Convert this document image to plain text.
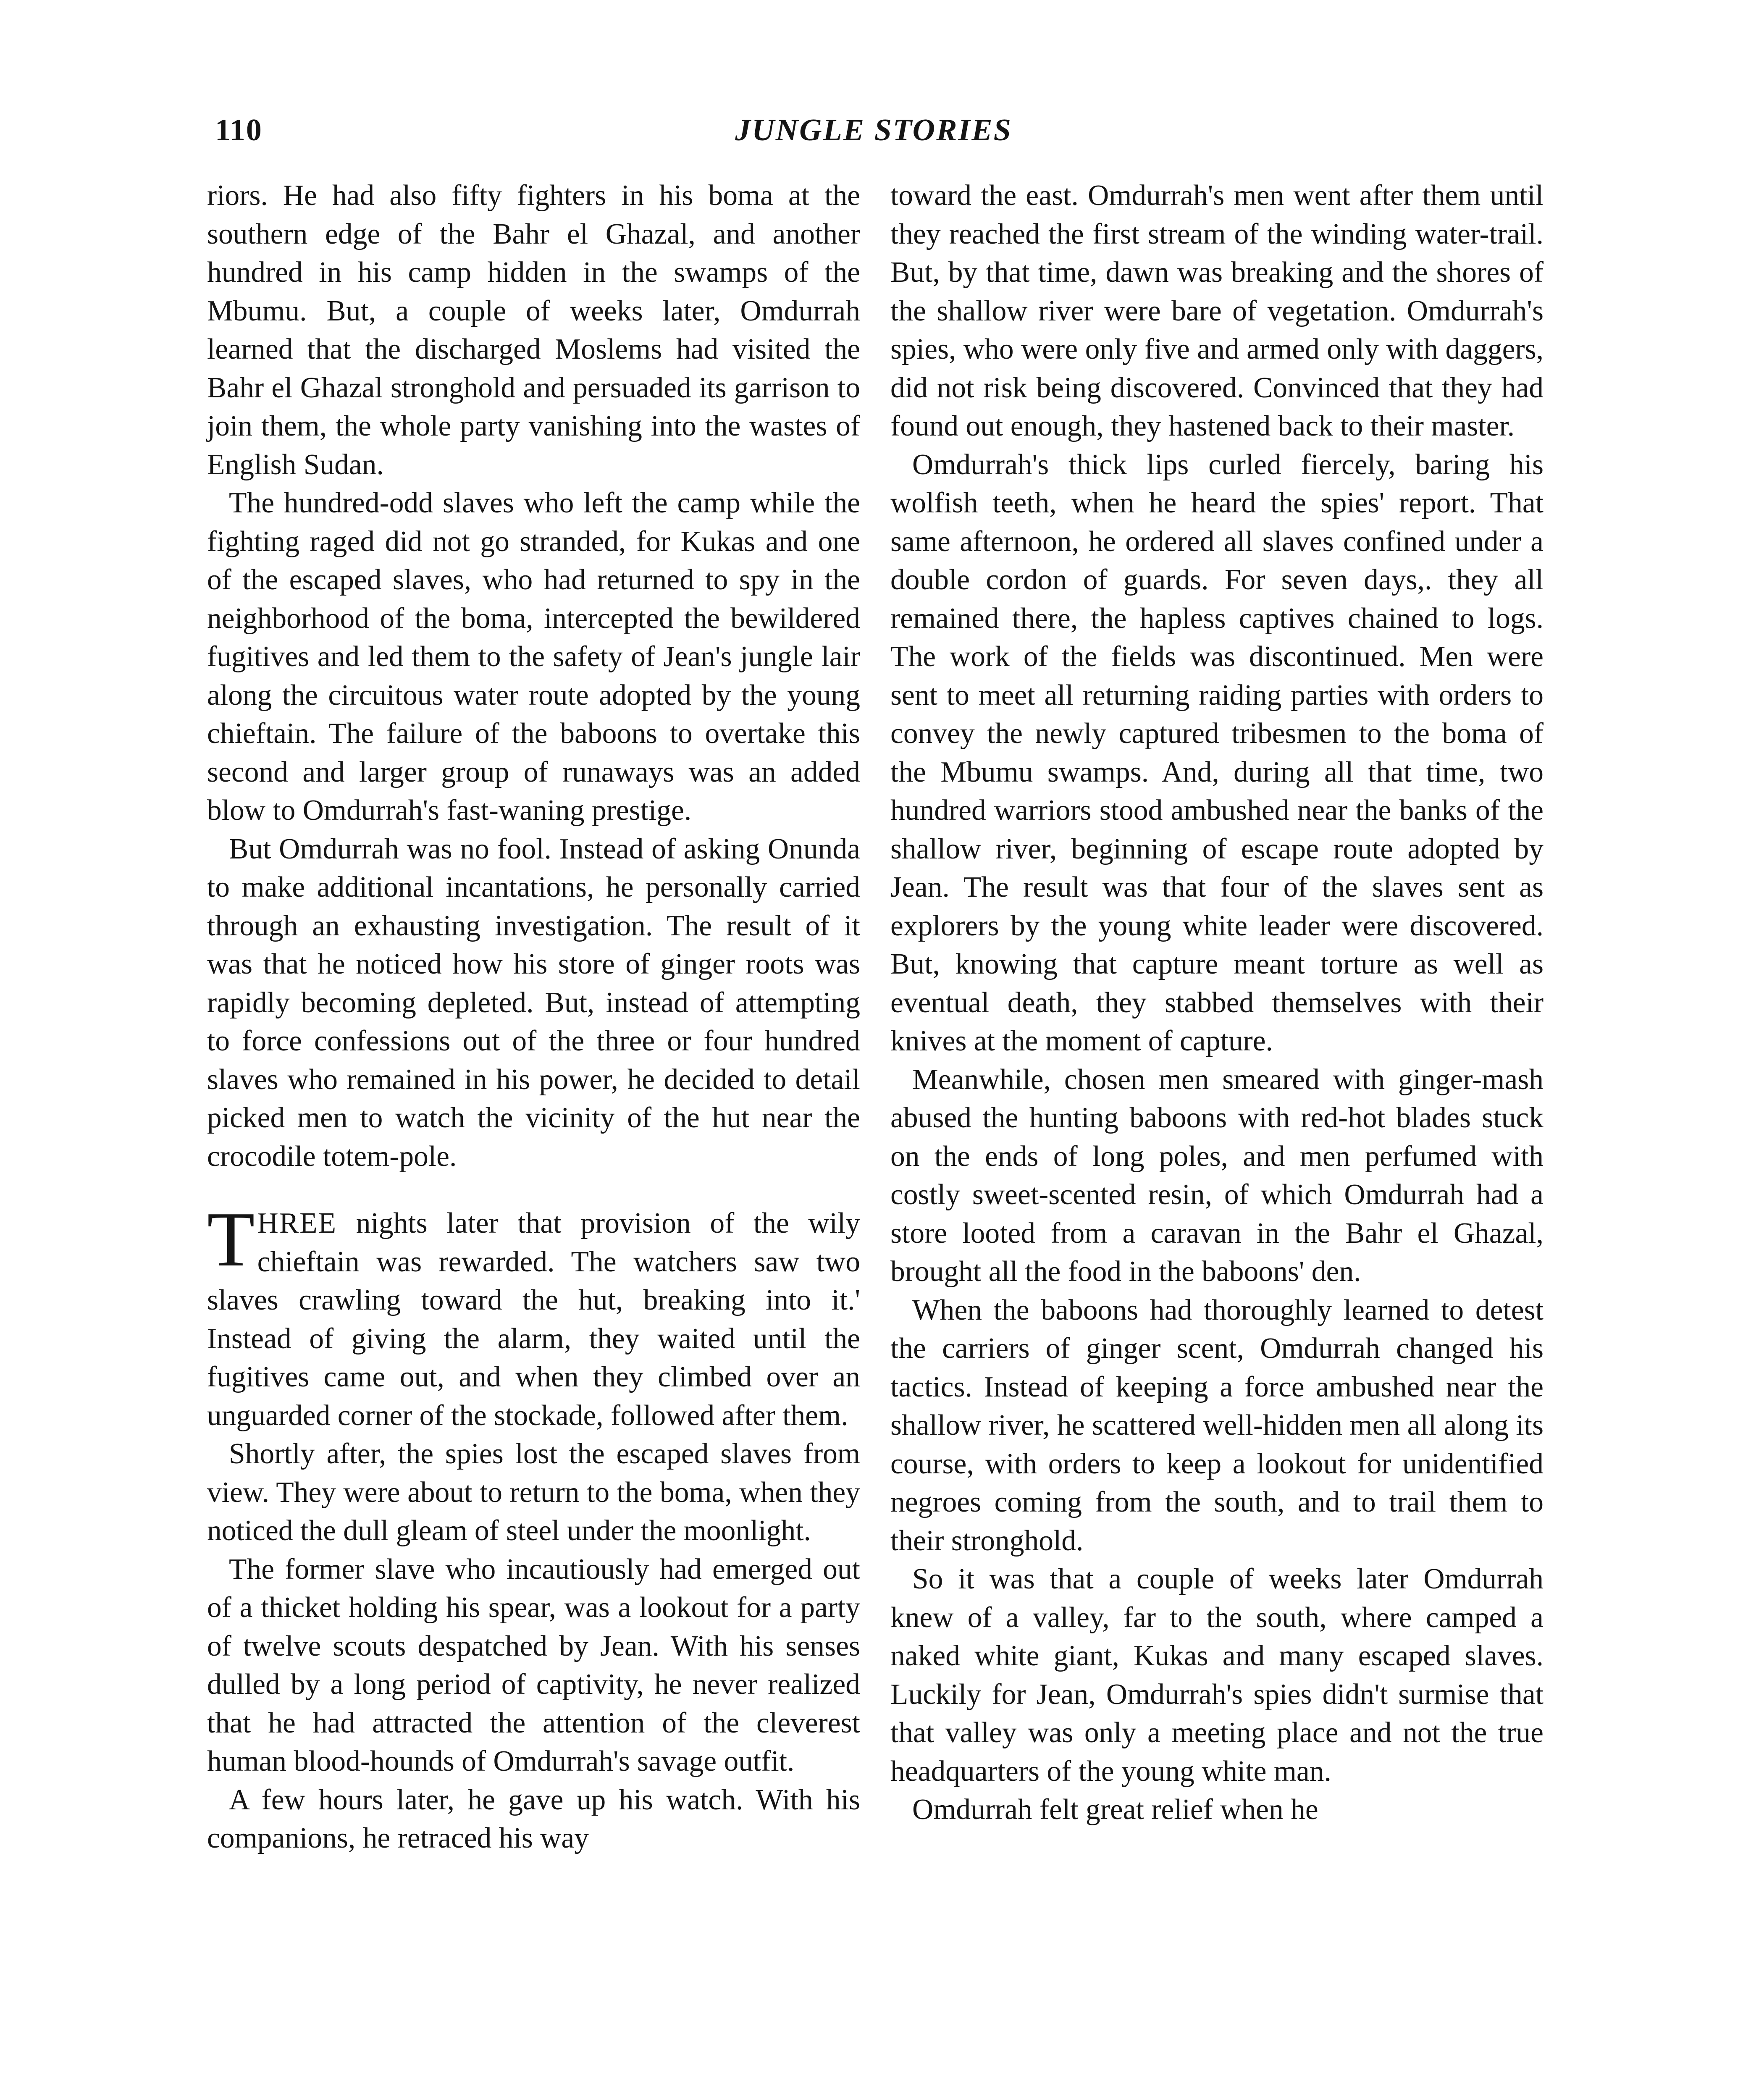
110	JUNGLE STORIES

riors. He had also fifty fighters in his boma at the southern edge of the Bahr el Ghazal, and another hundred in his camp hidden in the swamps of the Mbumu. But, a couple of weeks later, Omdurrah learned that the discharged Moslems had visited the Bahr el Ghazal stronghold and persuaded its garrison to join them, the whole party vanishing into the wastes of English Sudan.

The hundred-odd slaves who left the camp while the fighting raged did not go stranded, for Kukas and one of the escaped slaves, who had returned to spy in the neighborhood of the boma, intercepted the bewildered fugitives and led them to the safety of Jean's jungle lair along the circuitous water route adopted by the young chieftain. The failure of the baboons to overtake this second and larger group of runaways was an added blow to Omdurrah's fast-waning prestige.

But Omdurrah was no fool. Instead of asking Onunda to make additional incantations, he personally carried through an exhausting investigation. The result of it was that he noticed how his store of ginger roots was rapidly becoming depleted. But, instead of attempting to force confessions out of the three or four hundred slaves who remained in his power, he decided to detail picked men to watch the vicinity of the hut near the crocodile totem-pole.

THREE nights later that provision of the wily chieftain was rewarded. The watchers saw two slaves crawling toward the hut, breaking into it.' Instead of giving the alarm, they waited until the fugitives came out, and when they climbed over an unguarded corner of the stockade, followed after them.

Shortly after, the spies lost the escaped slaves from view. They were about to return to the boma, when they noticed the dull gleam of steel under the moonlight.

The former slave who incautiously had emerged out of a thicket holding his spear, was a lookout for a party of twelve scouts despatched by Jean. With his senses dulled by a long period of captivity, he never realized that he had attracted the attention of the cleverest human blood-hounds of Omdurrah's savage outfit.

A few hours later, he gave up his watch. With his companions, he retraced his way

toward the east. Omdurrah's men went after them until they reached the first stream of the winding water-trail. But, by that time, dawn was breaking and the shores of the shallow river were bare of vegetation. Omdurrah's spies, who were only five and armed only with daggers, did not risk being discovered. Convinced that they had found out enough, they hastened back to their master.

Omdurrah's thick lips curled fiercely, baring his wolfish teeth, when he heard the spies' report. That same afternoon, he ordered all slaves confined under a double cordon of guards. For seven days,. they all remained there, the hapless captives chained to logs. The work of the fields was discontinued. Men were sent to meet all returning raiding parties with orders to convey the newly captured tribesmen to the boma of the Mbumu swamps. And, during all that time, two hundred warriors stood ambushed near the banks of the shallow river, beginning of escape route adopted by Jean. The result was that four of the slaves sent as explorers by the young white leader were discovered. But, knowing that capture meant torture as well as eventual death, they stabbed themselves with their knives at the moment of capture.

Meanwhile, chosen men smeared with ginger-mash abused the hunting baboons with red-hot blades stuck on the ends of long poles, and men perfumed with costly sweet-scented resin, of which Omdurrah had a store looted from a caravan in the Bahr el Ghazal, brought all the food in the baboons' den.

When the baboons had thoroughly learned to detest the carriers of ginger scent, Omdurrah changed his tactics. Instead of keeping a force ambushed near the shallow river, he scattered well-hidden men all along its course, with orders to keep a lookout for unidentified negroes coming from the south, and to trail them to their stronghold.

So it was that a couple of weeks later Omdurrah knew of a valley, far to the south, where camped a naked white giant, Kukas and many escaped slaves. Luckily for Jean, Omdurrah's spies didn't surmise that that valley was only a meeting place and not the true headquarters of the young white man.

Omdurrah felt great relief when he
